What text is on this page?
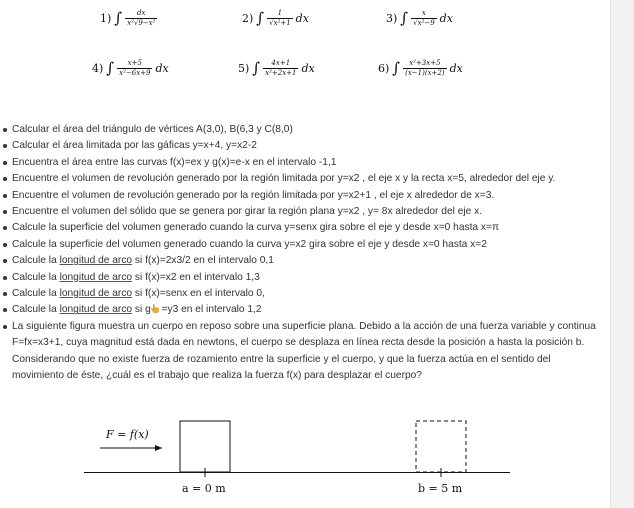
1) ∫ $\frac{dx}{\text{x²√9−x²}}$	2) ∫ $\frac{1}{\text{√x²+1}}$ dx	3) ∫ $\frac{x}{\text{√x²−9}}$ dx
4) ∫ $\frac{x+5}{\text{x²−6x+9}}$ dx	5) ∫ $\frac{4x+1}{\text{x²+2x+1}}$ dx	6) ∫ $\frac{\text{x²+3x+5}}{(x-1)(x+2)}$ dx
Calcular el área del triángulo de vértices A(3,0), B(6,3 y C(8,0)
Calcular el área limitada por las gáficas y=x+4, y=x2-2
Encuentra el área entre las curvas f(x)=ex y g(x)=e-x en el intervalo -1,1
Encuentre el volumen de revolución generado por la región limitada por y=x2 , el eje x y la recta x=5, alrededor del eje y.
Encuentre el volumen de revolución generado por la región limitada por y=x2+1 , el eje x alrededor de x=3.
Encuentre el volumen del sólido que se genera por girar la región plana y=x2 , y= 8x alrededor del eje x.
Calcule la superficie del volumen generado cuando la curva y=senx gira sobre el eje y desde x=0 hasta x=π
Calcule la superficie del volumen generado cuando la curva y=x2 gira sobre el eje y desde x=0 hasta x=2
Calcule la longitud de arco si f(x)=2x3/2 en el intervalo 0,1
Calcule la longitud de arco si f(x)=x2 en el intervalo 1,3
Calcule la longitud de arco si f(x)=senx en el intervalo 0,
Calcule la longitud de arco si g =y3 en el intervalo 1,2
La siguiente figura muestra un cuerpo en reposo sobre una superficie plana. Debido a la acción de una fuerza variable y continua F=fx=x3+1, cuya magnitud está dada en newtons, el cuerpo se desplaza en línea recta desde la posición a hasta la posición b. Considerando que no existe fuerza de rozamiento entre la superficie y el cuerpo, y que la fuerza actúa en el sentido del movimiento de éste, ¿cuál es el trabajo que realiza la fuerza f(x) para desplazar el cuerpo?
F = f(x)
a = 0 m	b = 5 m
